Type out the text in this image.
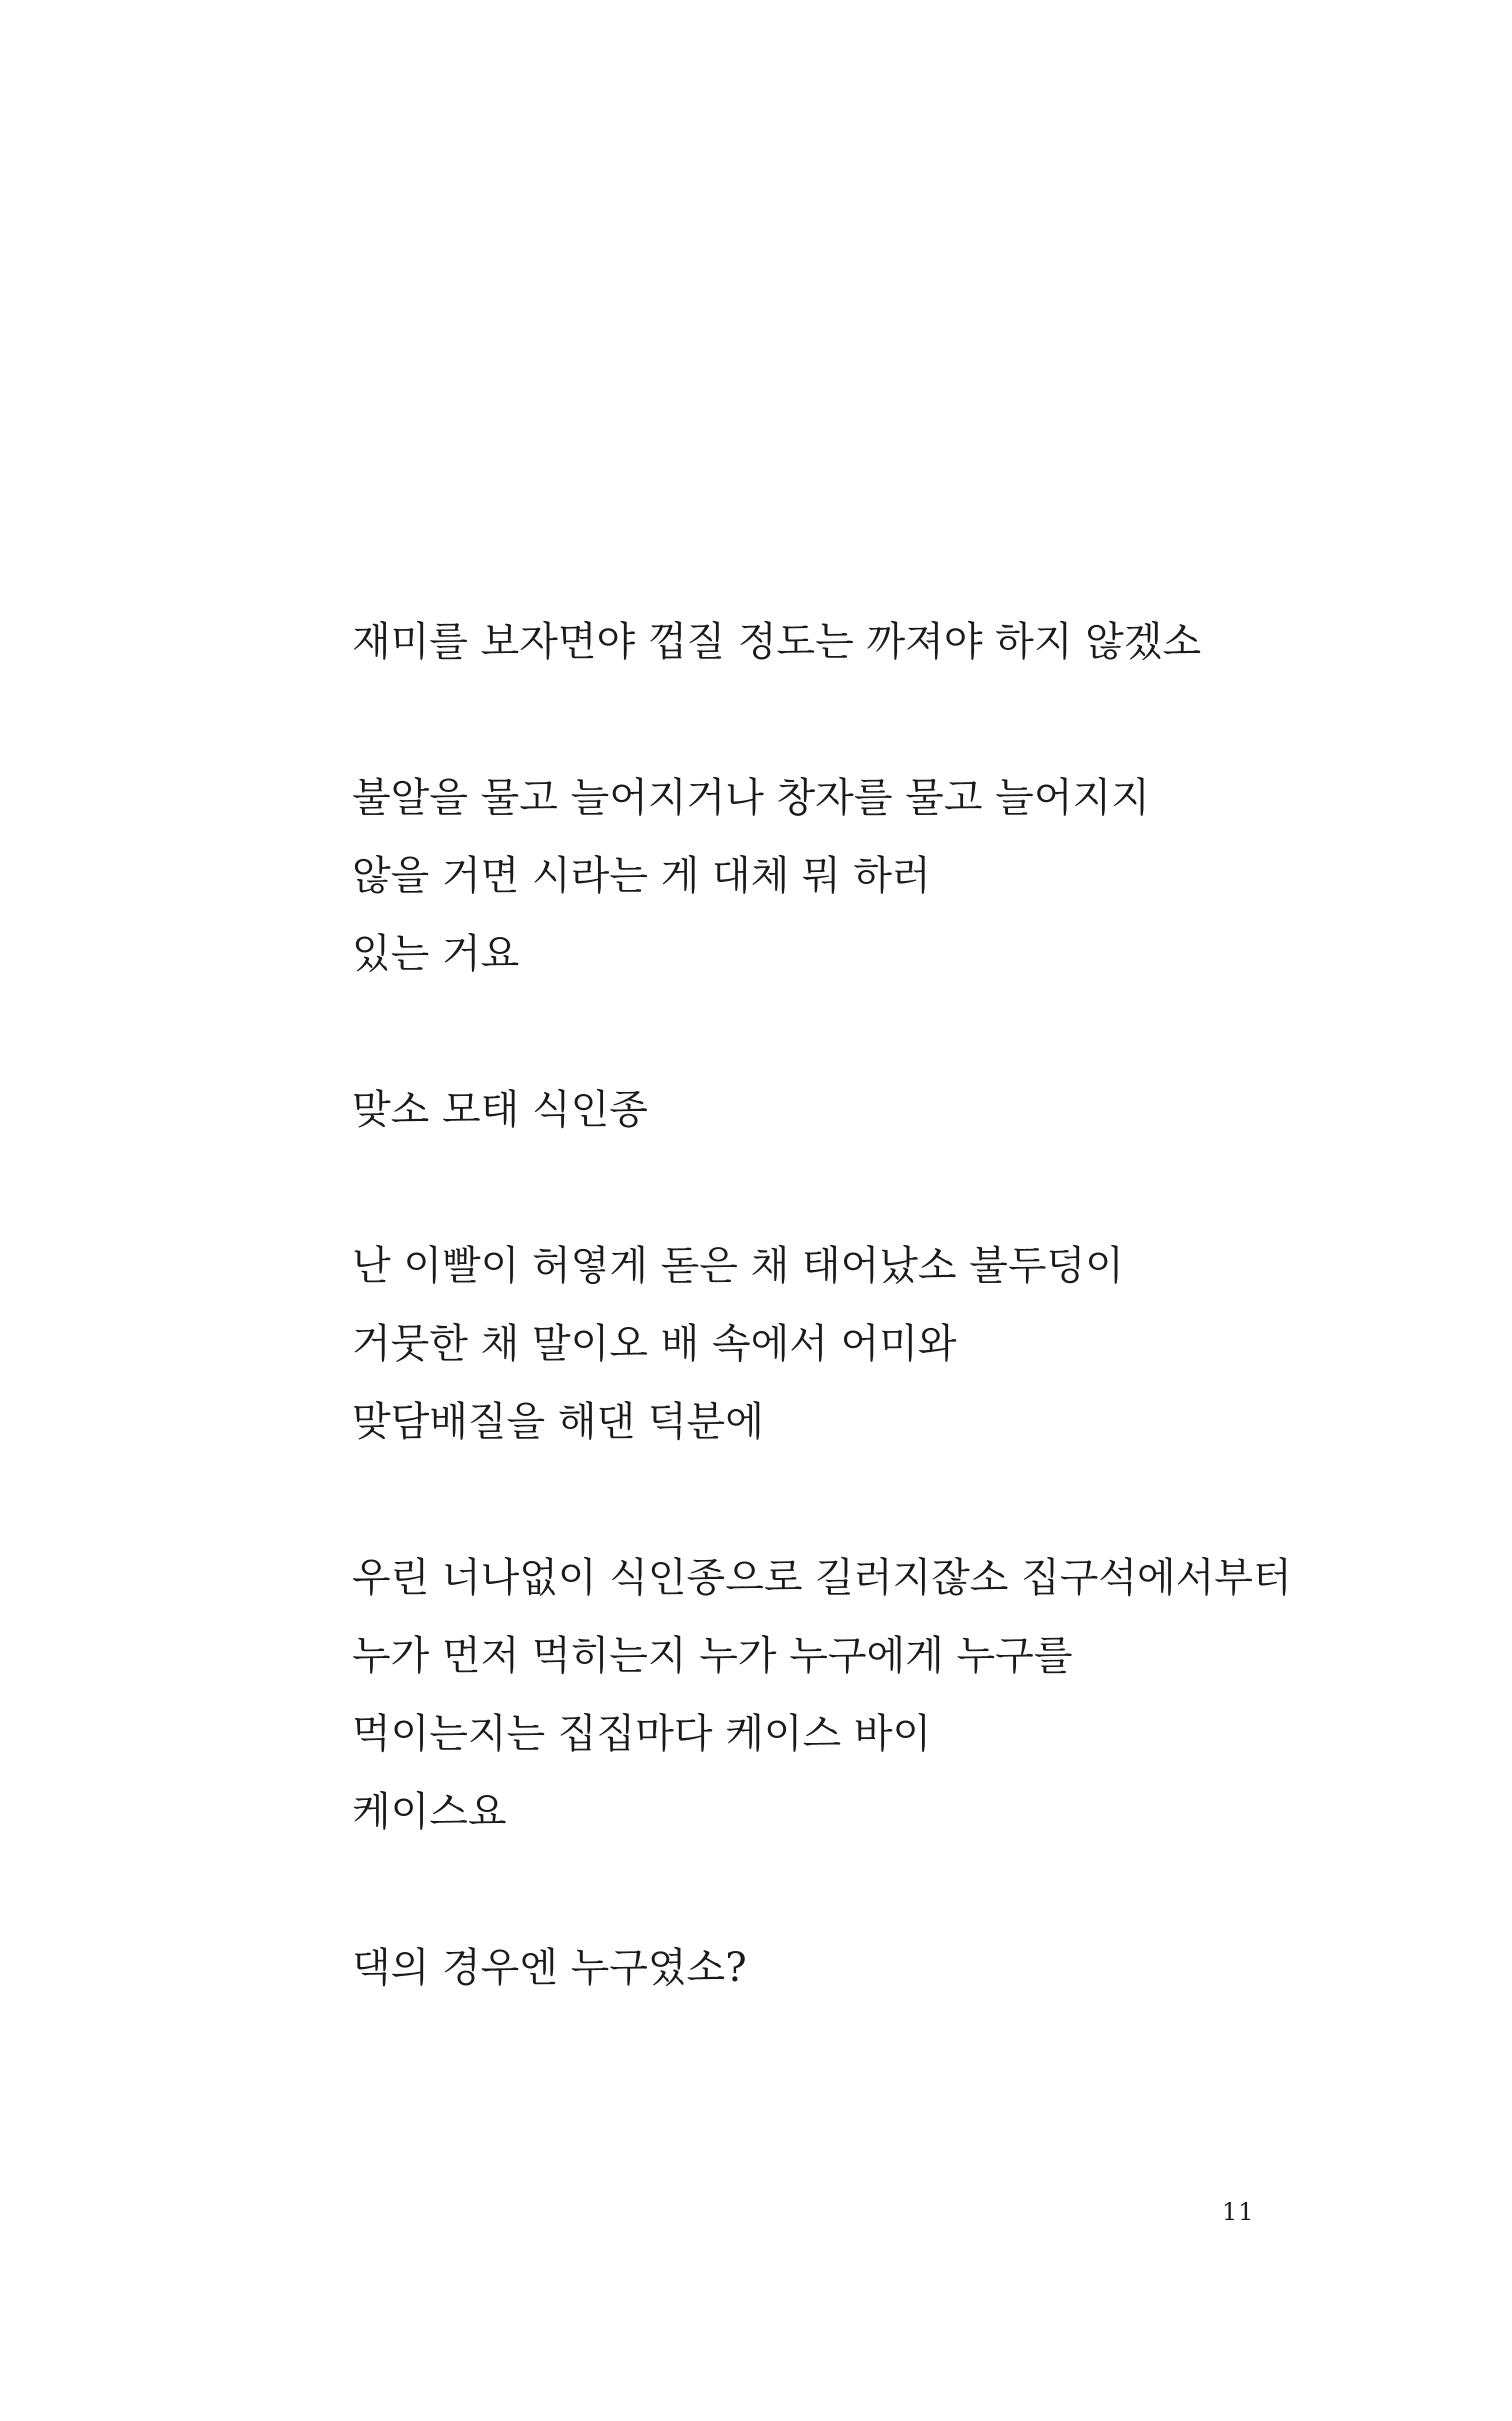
재미를 보자면야 껍질 정도는 까져야 하지 않겠소
불알을 물고 늘어지거나 창자를 물고 늘어지지
않을 거면 시라는 게 대체 뭐 하러
있는 거요
맞소 모태 식인종
난 이빨이 허옇게 돋은 채 태어났소 불두덩이
거뭇한 채 말이오 배 속에서 어미와
맞담배질을 해댄 덕분에
우린 너나없이 식인종으로 길러지잖소 집구석에서부터
누가 먼저 먹히는지 누가 누구에게 누구를
먹이는지는 집집마다 케이스 바이
케이스요
댁의 경우엔 누구였소?
11
